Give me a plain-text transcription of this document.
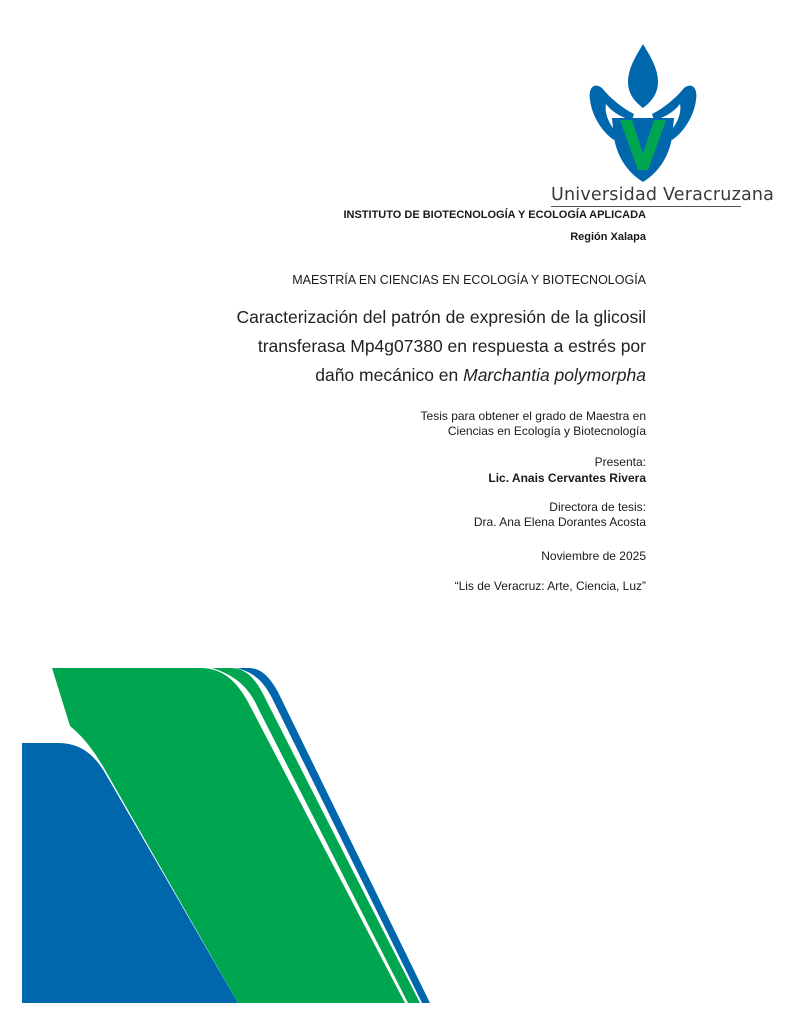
Universidad Veracruzana
INSTITUTO DE BIOTECNOLOGÍA Y ECOLOGÍA APLICADA
Región Xalapa
MAESTRÍA EN CIENCIAS EN ECOLOGÍA Y BIOTECNOLOGÍA
Caracterización del patrón de expresión de la glicosil
transferasa Mp4g07380 en respuesta a estrés por
daño mecánico en Marchantia polymorpha
Tesis para obtener el grado de Maestra en
Ciencias en Ecología y Biotecnología
Presenta:
Lic. Anais Cervantes Rivera
Directora de tesis:
Dra. Ana Elena Dorantes Acosta
Noviembre de 2025
“Lis de Veracruz: Arte, Ciencia, Luz”
